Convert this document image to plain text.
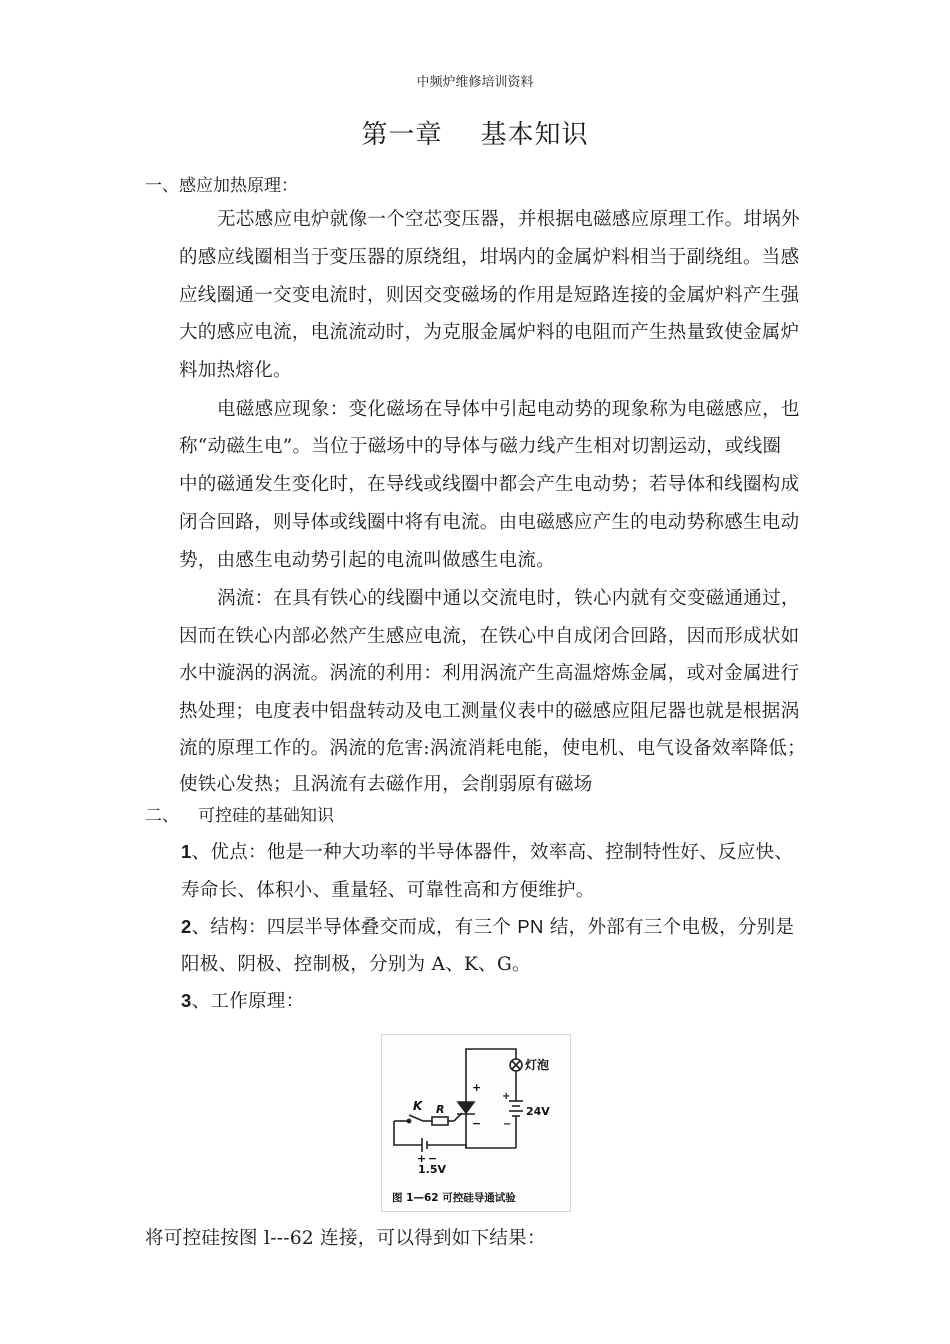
中频炉维修培训资料
第一章 基本知识
一、感应加热原理：
无芯感应电炉就像一个空芯变压器，并根据电磁感应原理工作。坩埚外
的感应线圈相当于变压器的原绕组，坩埚内的金属炉料相当于副绕组。当感
应线圈通一交变电流时，则因交变磁场的作用是短路连接的金属炉料产生强
大的感应电流，电流流动时，为克服金属炉料的电阻而产生热量致使金属炉
料加热熔化。
电磁感应现象：变化磁场在导体中引起电动势的现象称为电磁感应，也
称“动磁生电”。当位于磁场中的导体与磁力线产生相对切割运动，或线圈
中的磁通发生变化时，在导线或线圈中都会产生电动势；若导体和线圈构成
闭合回路，则导体或线圈中将有电流。由电磁感应产生的电动势称感生电动
势，由感生电动势引起的电流叫做感生电流。
涡流：在具有铁心的线圈中通以交流电时，铁心内就有交变磁通通过，
因而在铁心内部必然产生感应电流，在铁心中自成闭合回路，因而形成状如
水中漩涡的涡流。涡流的利用：利用涡流产生高温熔炼金属，或对金属进行
热处理；电度表中铝盘转动及电工测量仪表中的磁感应阻尼器也就是根据涡
流的原理工作的。涡流的危害:涡流消耗电能，使电机、电气设备效率降低；
使铁心发热；且涡流有去磁作用，会削弱原有磁场
二、 可控硅的基础知识
1、优点：他是一种大功率的半导体器件，效率高、控制特性好、反应快、
寿命长、体积小、重量轻、可靠性高和方便维护。
2、结构：四层半导体叠交而成，有三个 PN 结，外部有三个电极，分别是
阳极、阴极、控制极，分别为 A、K、G。
3、工作原理：
灯泡
24V
+
−
+
−
K R
+ −
1.5V
图 1—62 可控硅导通试验
将可控硅按图 l---62 连接，可以得到如下结果：
